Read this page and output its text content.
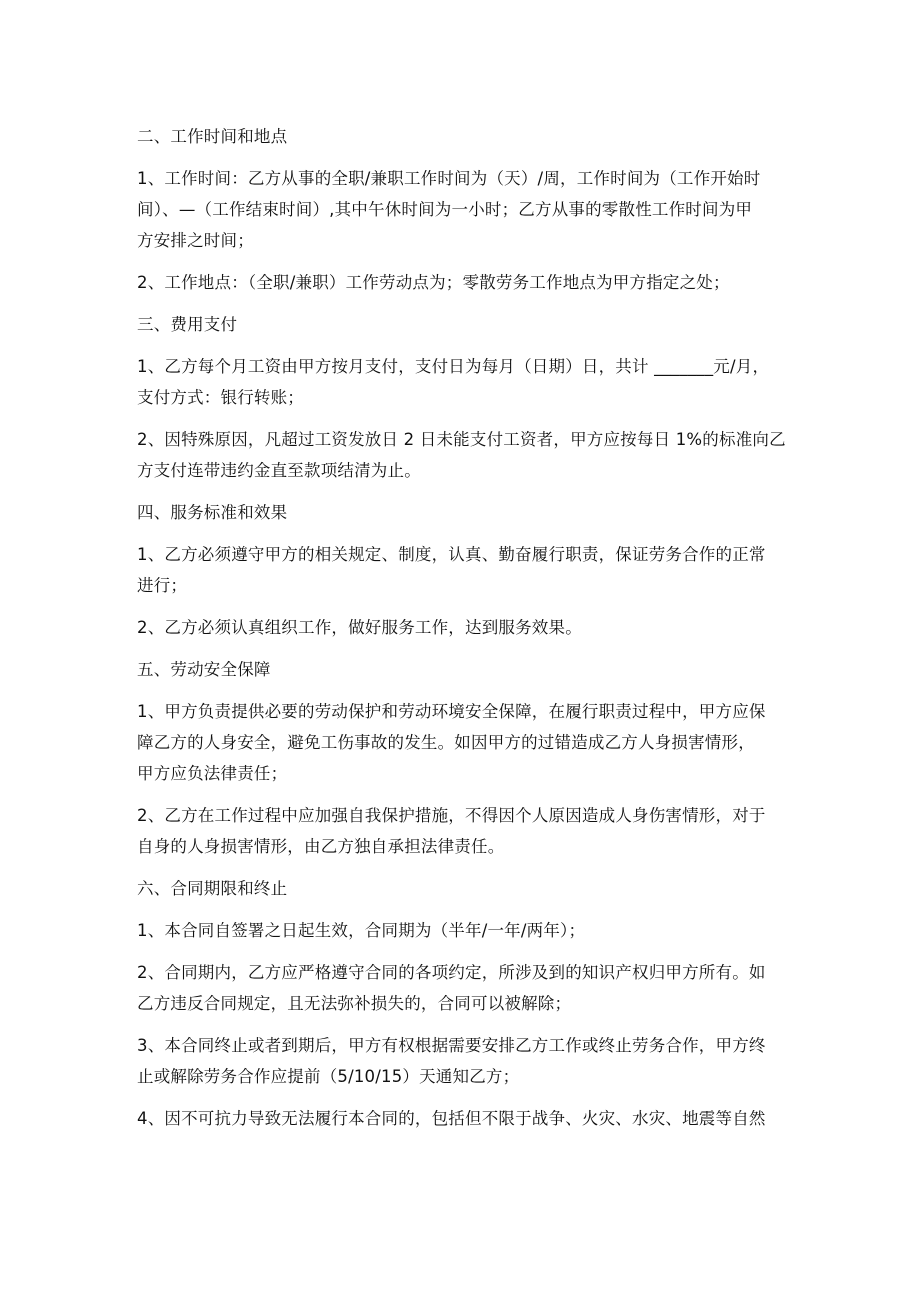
二、工作时间和地点
1、工作时间：乙方从事的全职/兼职工作时间为（天）/周，工作时间为（工作开始时
间）、—（工作结束时间）,其中午休时间为一小时；乙方从事的零散性工作时间为甲
方安排之时间；
2、工作地点：（全职/兼职）工作劳动点为；零散劳务工作地点为甲方指定之处；
三、费用支付
1、乙方每个月工资由甲方按月支付，支付日为每月（日期）日，共计 _______元/月，
支付方式：银行转账；
2、因特殊原因，凡超过工资发放日 2 日未能支付工资者，甲方应按每日 1%的标准向乙
方支付连带违约金直至款项结清为止。
四、服务标准和效果
1、乙方必须遵守甲方的相关规定、制度，认真、勤奋履行职责，保证劳务合作的正常
进行；
2、乙方必须认真组织工作，做好服务工作，达到服务效果。
五、劳动安全保障
1、甲方负责提供必要的劳动保护和劳动环境安全保障，在履行职责过程中，甲方应保
障乙方的人身安全，避免工伤事故的发生。如因甲方的过错造成乙方人身损害情形，
甲方应负法律责任；
2、乙方在工作过程中应加强自我保护措施，不得因个人原因造成人身伤害情形，对于
自身的人身损害情形，由乙方独自承担法律责任。
六、合同期限和终止
1、本合同自签署之日起生效，合同期为（半年/一年/两年）；
2、合同期内，乙方应严格遵守合同的各项约定，所涉及到的知识产权归甲方所有。如
乙方违反合同规定，且无法弥补损失的，合同可以被解除；
3、本合同终止或者到期后，甲方有权根据需要安排乙方工作或终止劳务合作，甲方终
止或解除劳务合作应提前（5/10/15）天通知乙方；
4、因不可抗力导致无法履行本合同的，包括但不限于战争、火灾、水灾、地震等自然
